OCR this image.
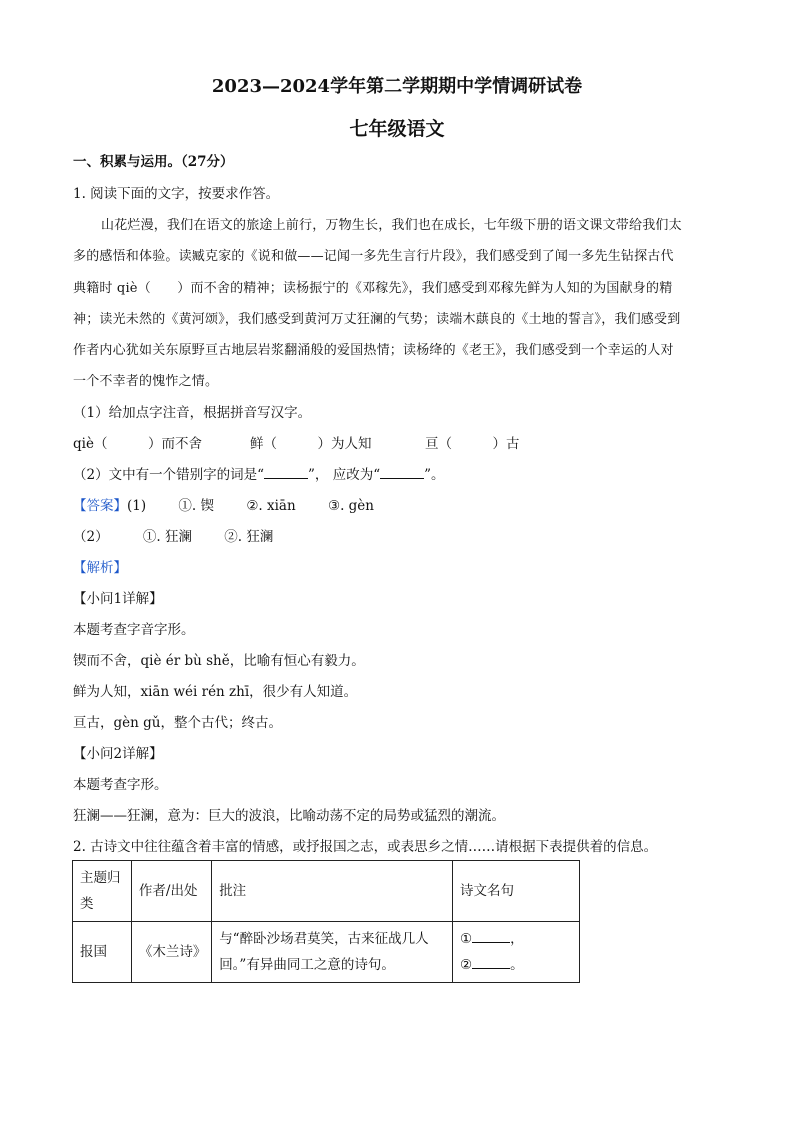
2023—2024学年第二学期期中学情调研试卷
七年级语文
一、积累与运用。（27分）
1. 阅读下面的文字，按要求作答。
山花烂漫，我们在语文的旅途上前行，万物生长，我们也在成长，七年级下册的语文课文带给我们太
多的感悟和体验。读臧克家的《说和做——记闻一多先生言行片段》，我们感受到了闻一多先生钻探古代
典籍时 qiè（　　）而不舍的精神；读杨振宁的《邓稼先》，我们感受到邓稼先鲜为人知的为国献身的精
神；读光未然的《黄河颂》，我们感受到黄河万丈狂澜的气势；读端木蕻良的《土地的誓言》，我们感受到
作者内心犹如关东原野亘古地层岩浆翻涌般的爱国热情；读杨绛的《老王》，我们感受到一个幸运的人对
一个不幸者的愧怍之情。
（1）给加点字注音，根据拼音写汉字。
qiè（　　　）而不舍	鲜（　　　）为人知	亘（　　　）古
（2）文中有一个错别字的词是“	”， 应改为“	”。
【答案】(1) ①. 锲 ②. xiān ③. gèn
（2）	①. 狂澜 ②. 狂澜
【解析】
【小问1详解】
本题考查字音字形。
锲而不舍，qiè ér bù shě，比喻有恒心有毅力。
鲜为人知，xiān wéi rén zhī，很少有人知道。
亘古，gèn gǔ，整个古代；终古。
【小问2详解】
本题考查字形。
狂澜——狂澜，意为：巨大的波浪，比喻动荡不定的局势或猛烈的潮流。
2. 古诗文中往往蕴含着丰富的情感，或抒报国之志，或表思乡之情……请根据下表提供着的信息。
主题归类	作者/出处	批注	诗文名句
报国	《木兰诗》	与“醉卧沙场君莫笑，古来征战几人回。”有异曲同工之意的诗句。	① ，
② 。
